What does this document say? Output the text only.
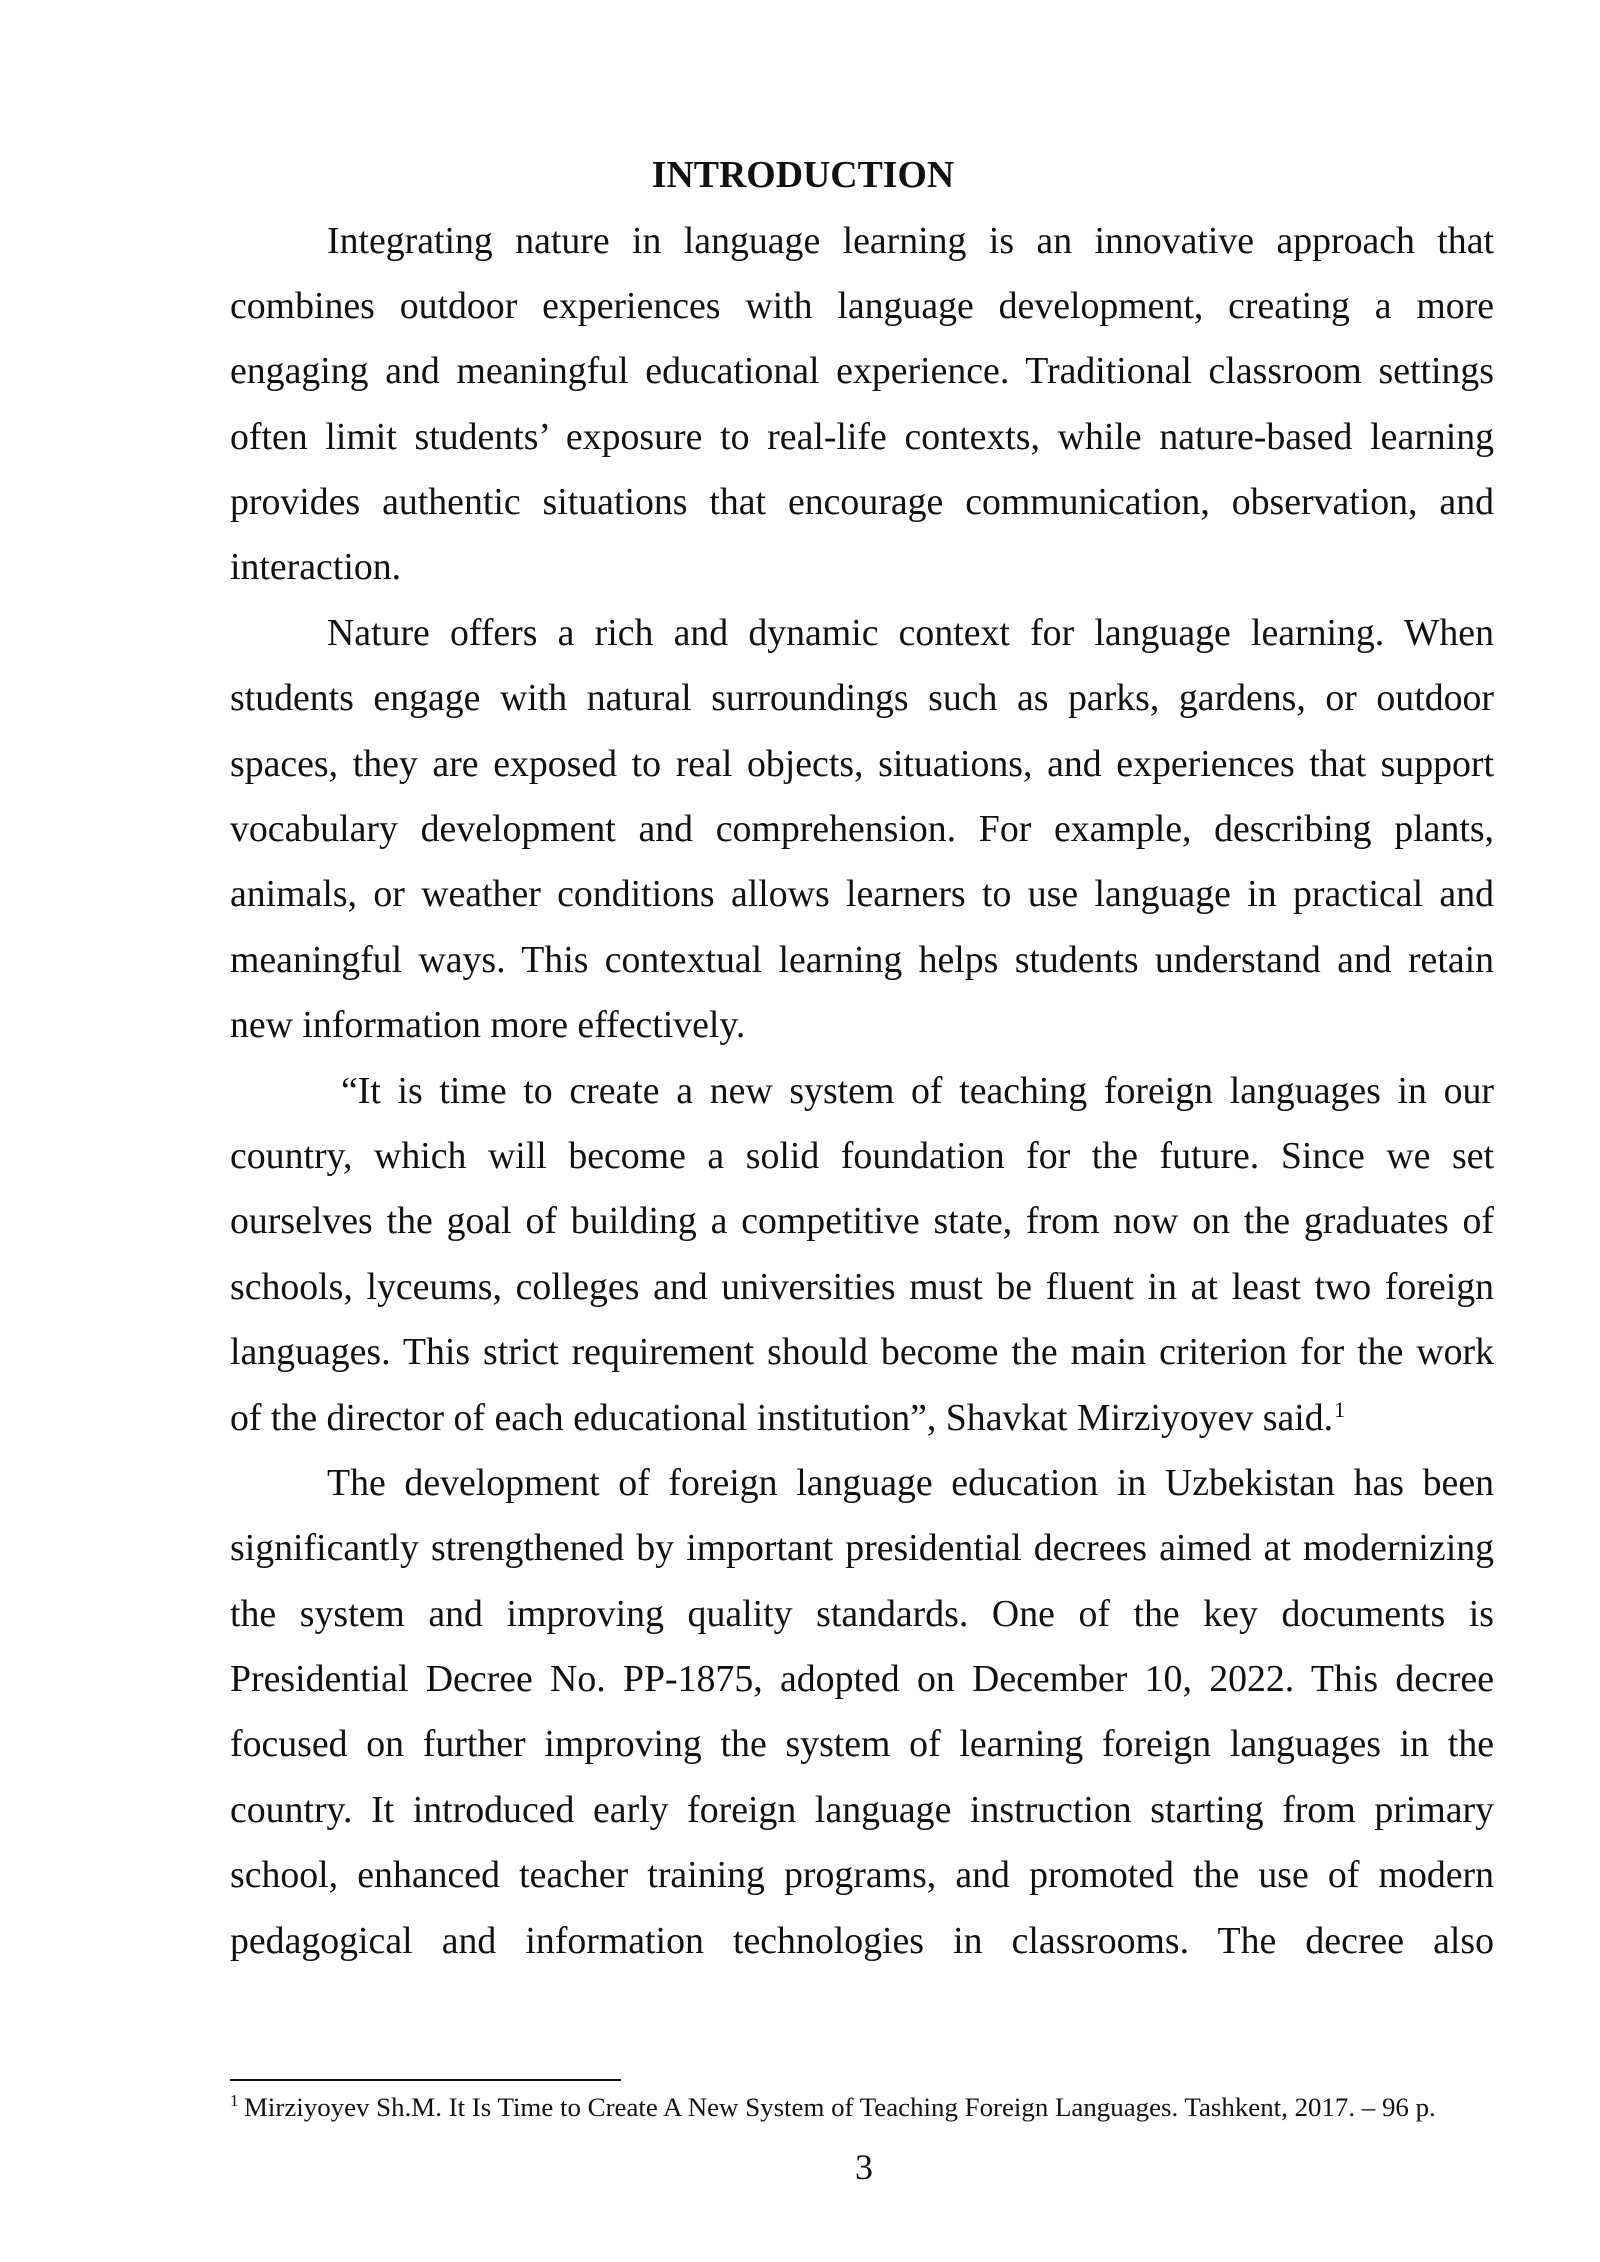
INTRODUCTION
Integrating nature in language learning is an innovative approach that
combines outdoor experiences with language development, creating a more
engaging and meaningful educational experience. Traditional classroom settings
often limit students’ exposure to real-life contexts, while nature-based learning
provides authentic situations that encourage communication, observation, and
interaction.
Nature offers a rich and dynamic context for language learning. When
students engage with natural surroundings such as parks, gardens, or outdoor
spaces, they are exposed to real objects, situations, and experiences that support
vocabulary development and comprehension. For example, describing plants,
animals, or weather conditions allows learners to use language in practical and
meaningful ways. This contextual learning helps students understand and retain
new information more effectively.
“It is time to create a new system of teaching foreign languages in our
country, which will become a solid foundation for the future. Since we set
ourselves the goal of building a competitive state, from now on the graduates of
schools, lyceums, colleges and universities must be fluent in at least two foreign
languages. This strict requirement should become the main criterion for the work
of the director of each educational institution”, Shavkat Mirziyoyev said.$^1$
The development of foreign language education in Uzbekistan has been
significantly strengthened by important presidential decrees aimed at modernizing
the system and improving quality standards. One of the key documents is
Presidential Decree No. PP-1875, adopted on December 10, 2022. This decree
focused on further improving the system of learning foreign languages in the
country. It introduced early foreign language instruction starting from primary
school, enhanced teacher training programs, and promoted the use of modern
pedagogical and information technologies in classrooms. The decree also
$^1$ Mirziyoyev Sh.M. It Is Time to Create A New System of Teaching Foreign Languages. Tashkent, 2017. – 96 p.
3
